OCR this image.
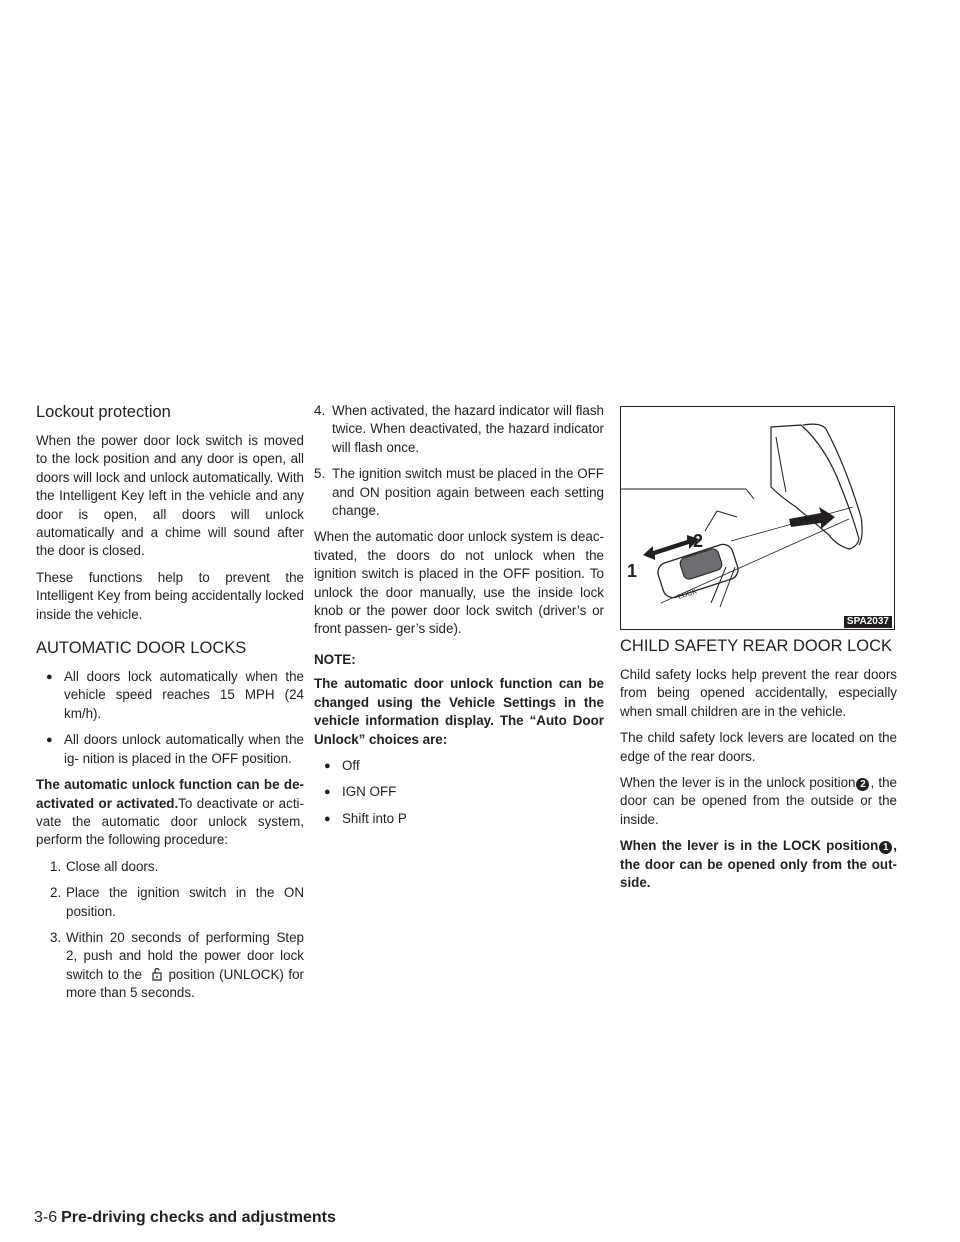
Lockout protection

When the power door lock switch is moved to the lock position and any door is open, all doors will lock and unlock automatically. With the Intelligent Key left in the vehicle and any door is open, all doors will unlock automatically and a chime will sound after the door is closed.

These functions help to prevent the Intelligent Key from being accidentally locked inside the vehicle.

AUTOMATIC DOOR LOCKS
● All doors lock automatically when the vehicle speed reaches 15 MPH (24 km/h).
● All doors unlock automatically when the ig- nition is placed in the OFF position.

The automatic unlock function can be de- activated or activated.To deactivate or acti- vate the automatic door unlock system, perform the following procedure:

1. Close all doors.
2. Place the ignition switch in the ON position.
3. Within 20 seconds of performing Step 2, push and hold the power door lock switch to the position (UNLOCK) for more than 5 seconds.
4. When activated, the hazard indicator will flash twice. When deactivated, the hazard indicator will flash once.
5. The ignition switch must be placed in the OFF and ON position again between each setting change.

When the automatic door unlock system is deac- tivated, the doors do not unlock when the ignition switch is placed in the OFF position. To unlock the door manually, use the inside lock knob or the power door lock switch (driver’s or front passen- ger’s side).

NOTE:

The automatic door unlock function can be changed using the Vehicle Settings in the vehicle information display. The “Auto Door Unlock” choices are:

● Off
● IGN OFF
● Shift into P
1
2
LOCK
SPA2037
CHILD SAFETY REAR DOOR LOCK

Child safety locks help prevent the rear doors from being opened accidentally, especially when small children are in the vehicle.

The child safety lock levers are located on the edge of the rear doors.

When the lever is in the unlock position 2 , the door can be opened from the outside or the inside.

When the lever is in the LOCK position 1 , the door can be opened only from the out- side.

3-6 Pre-driving checks and adjustments
